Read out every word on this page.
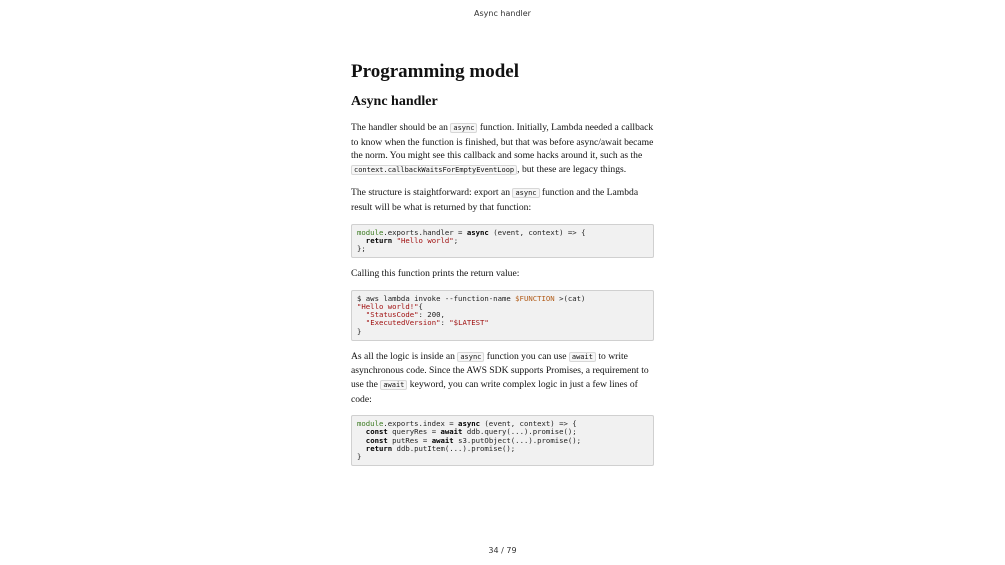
Async handler
Programming model
Async handler

The handler should be an async function. Initially, Lambda needed a callback to know when the function is finished, but that was before async/await became the norm. You might see this callback and some hacks around it, such as the context.callbackWaitsForEmptyEventLoop , but these are legacy things.

The structure is staightforward: export an async function and the Lambda result will be what is returned by that function:

module.exports.handler = async (event, context) => {
return "Hello world";
};

Calling this function prints the return value:

$ aws lambda invoke --function-name $FUNCTION >(cat)
"Hello world!"{
"StatusCode": 200,
"ExecutedVersion": "$LATEST"
}

As all the logic is inside an async function you can use await to write asynchronous code. Since the AWS SDK supports Promises, a requirement to use the await keyword, you can write complex logic in just a few lines of code:

module.exports.index = async (event, context) => {
const queryRes = await ddb.query(...).promise();
const putRes = await s3.putObject(...).promise();
return ddb.putItem(...).promise();
}
34 / 79
